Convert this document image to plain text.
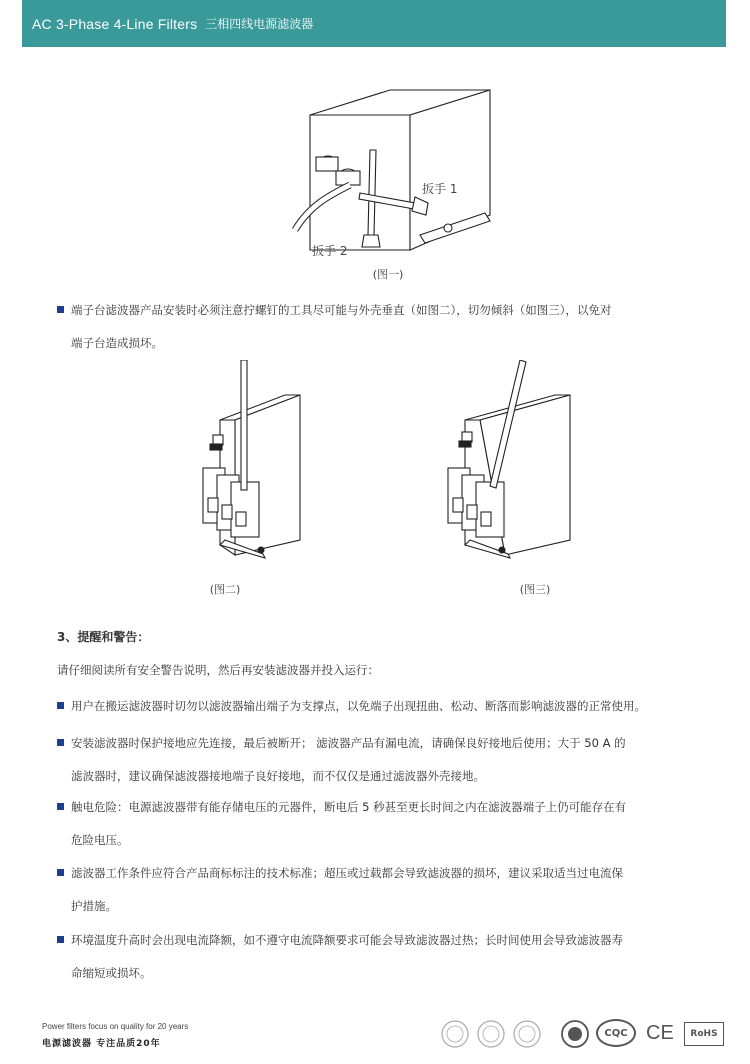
AC 3-Phase 4-Line Filters 三相四线电源滤波器
扳手 1
扳手 2
(图一)
端子台滤波器产品安装时必须注意拧螺钉的工具尽可能与外壳垂直（如图二），切勿倾斜（如图三），以免对
端子台造成损坏。
(图二)	(图三)
3、提醒和警告：
请仔细阅读所有安全警告说明，然后再安装滤波器并投入运行：
用户在搬运滤波器时切勿以滤波器输出端子为支撑点，以免端子出现扭曲、松动、断落而影响滤波器的正常使用。
安装滤波器时保护接地应先连接，最后被断开； 滤波器产品有漏电流，请确保良好接地后使用；大于 50 A 的
滤波器时，建议确保滤波器接地端子良好接地，而不仅仅是通过滤波器外壳接地。
触电危险：电源滤波器带有能存储电压的元器件，断电后 5 秒甚至更长时间之内在滤波器端子上仍可能存在有
危险电压。
滤波器工作条件应符合产品商标标注的技术标准；超压或过载都会导致滤波器的损坏，建议采取适当过电流保
护措施。
环境温度升高时会出现电流降额，如不遵守电流降额要求可能会导致滤波器过热；长时间使用会导致滤波器寿
命缩短或损坏。
Power filters focus on quality for 20 years
电源滤波器 专注品质20年
CQC CE RoHS
